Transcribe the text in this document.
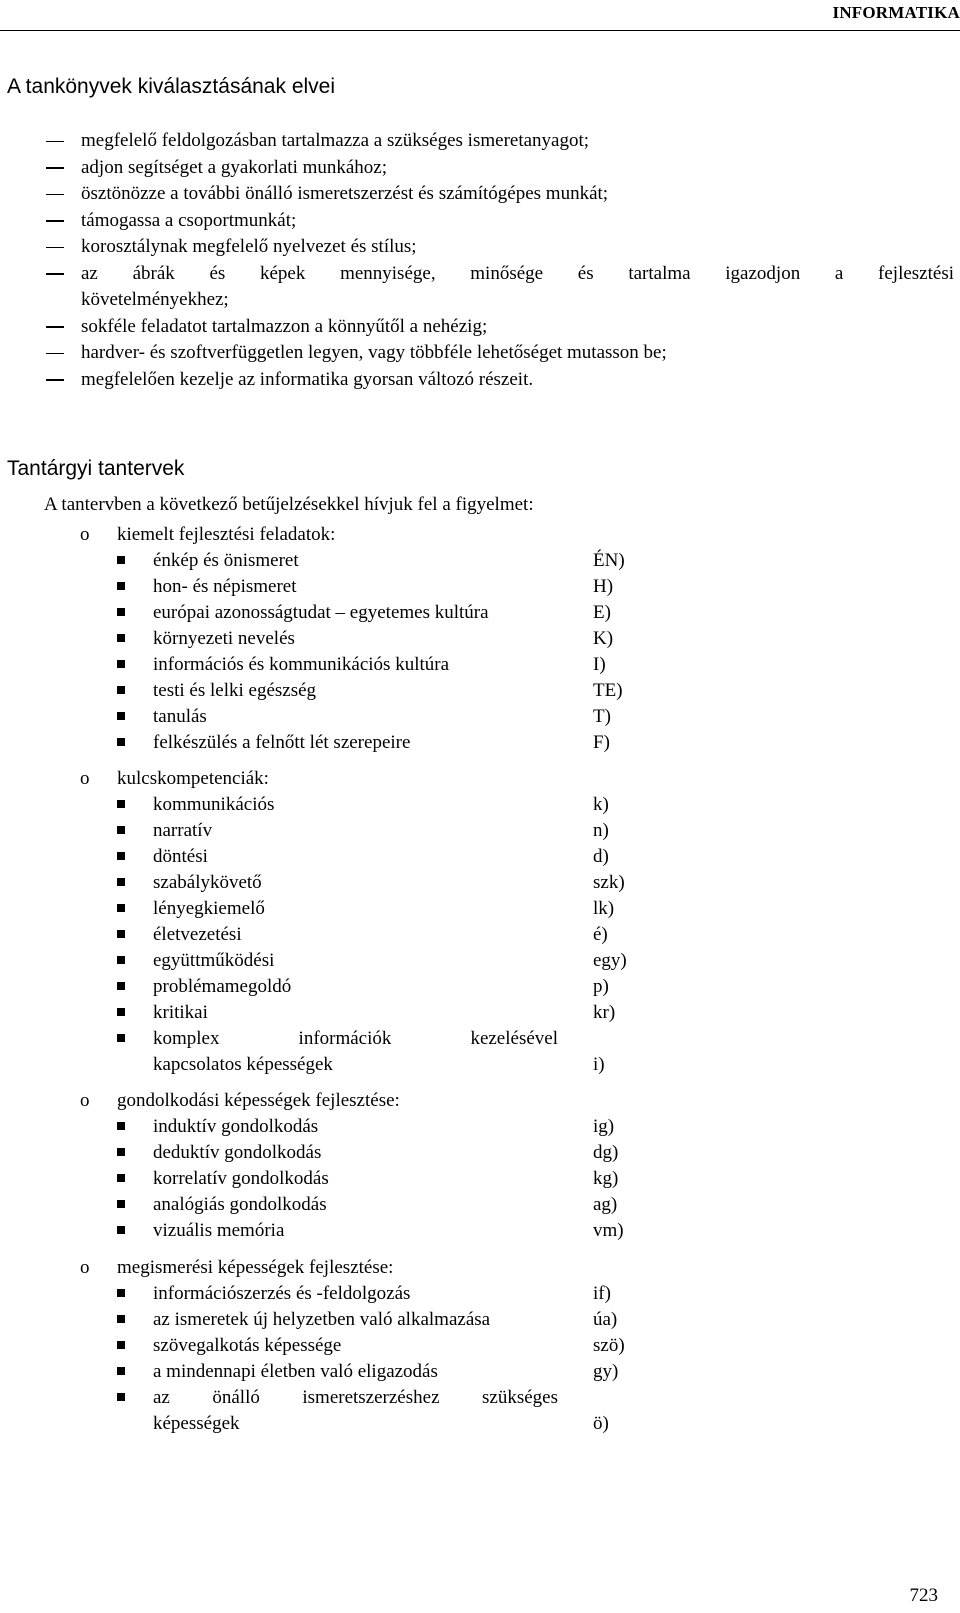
INFORMATIKA
A tankönyvek kiválasztásának elvei
megfelelő feldolgozásban tartalmazza a szükséges ismeretanyagot;
adjon segítséget a gyakorlati munkához;
ösztönözze a további önálló ismeretszerzést és számítógépes munkát;
támogassa a csoportmunkát;
korosztálynak megfelelő nyelvezet és stílus;
az ábrák és képek mennyisége, minősége és tartalma igazodjon a fejlesztési
követelményekhez;
sokféle feladatot tartalmazzon a könnyűtől a nehézig;
hardver- és szoftverfüggetlen legyen, vagy többféle lehetőséget mutasson be;
megfelelően kezelje az informatika gyorsan változó részeit.
Tantárgyi tantervek
A tantervben a következő betűjelzésekkel hívjuk fel a figyelmet:
o kiemelt fejlesztési feladatok:
énkép és önismeret	ÉN)
hon- és népismeret	H)
európai azonosságtudat – egyetemes kultúra	E)
környezeti nevelés	K)
információs és kommunikációs kultúra	I)
testi és lelki egészség	TE)
tanulás	T)
felkészülés a felnőtt lét szerepeire	F)
o kulcskompetenciák:
kommunikációs	k)
narratív	n)
döntési	d)
szabálykövető	szk)
lényegkiemelő	lk)
életvezetési	é)
együttműködési	egy)
problémamegoldó	p)
kritikai	kr)
komplex információk kezelésével
kapcsolatos képességek	i)
o gondolkodási képességek fejlesztése:
induktív gondolkodás	ig)
deduktív gondolkodás	dg)
korrelatív gondolkodás	kg)
analógiás gondolkodás	ag)
vizuális memória	vm)
o megismerési képességek fejlesztése:
információszerzés és -feldolgozás	if)
az ismeretek új helyzetben való alkalmazása	úa)
szövegalkotás képessége	szö)
a mindennapi életben való eligazodás	gy)
az önálló ismeretszerzéshez szükséges
képességek	ö)
723
